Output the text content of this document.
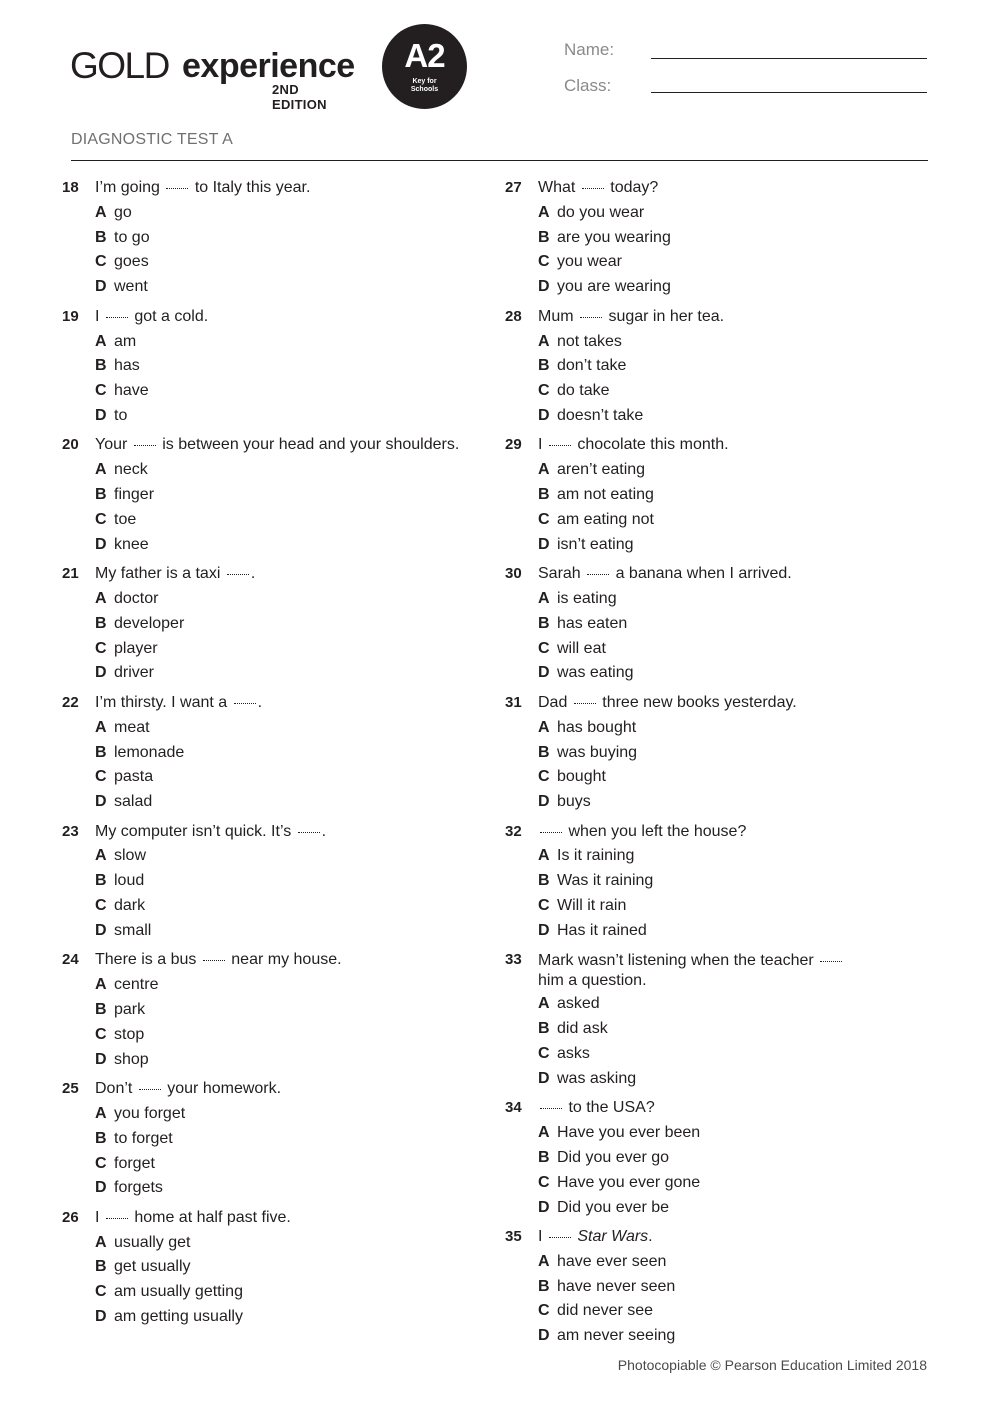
GOLD experience
2ND EDITION
A2
Key for
Schools
Name:
Class:
DIAGNOSTIC TEST A
18	I’m going  to Italy this year.
A go
B to go
C goes
D went
19	I  got a cold.
A am
B has
C have
D to
20	Your  is between your head and your shoulders.
A neck
B finger
C toe
D knee
21	My father is a taxi .
A doctor
B developer
C player
D driver
22	I’m thirsty. I want a .
A meat
B lemonade
C pasta
D salad
23	My computer isn’t quick. It’s .
A slow
B loud
C dark
D small
24	There is a bus  near my house.
A centre
B park
C stop
D shop
25	Don’t  your homework.
A you forget
B to forget
C forget
D forgets
26	I  home at half past five.
A usually get
B get usually
C am usually getting
D am getting usually
27	What  today?
A do you wear
B are you wearing
C you wear
D you are wearing
28	Mum  sugar in her tea.
A not takes
B don’t take
C do take
D doesn’t take
29	I  chocolate this month.
A aren’t eating
B am not eating
C am eating not
D isn’t eating
30	Sarah  a banana when I arrived.
A is eating
B has eaten
C will eat
D was eating
31	Dad  three new books yesterday.
A has bought
B was buying
C bought
D buys
32	when you left the house?
A Is it raining
B Was it raining
C Will it rain
D Has it rained
33	Mark wasn’t listening when the teacher
him a question.
A asked
B did ask
C asks
D was asking
34	to the USA?
A Have you ever been
B Did you ever go
C Have you ever gone
D Did you ever be
35	I  Star Wars.
A have ever seen
B have never seen
C did never see
D am never seeing
Photocopiable © Pearson Education Limited 2018
